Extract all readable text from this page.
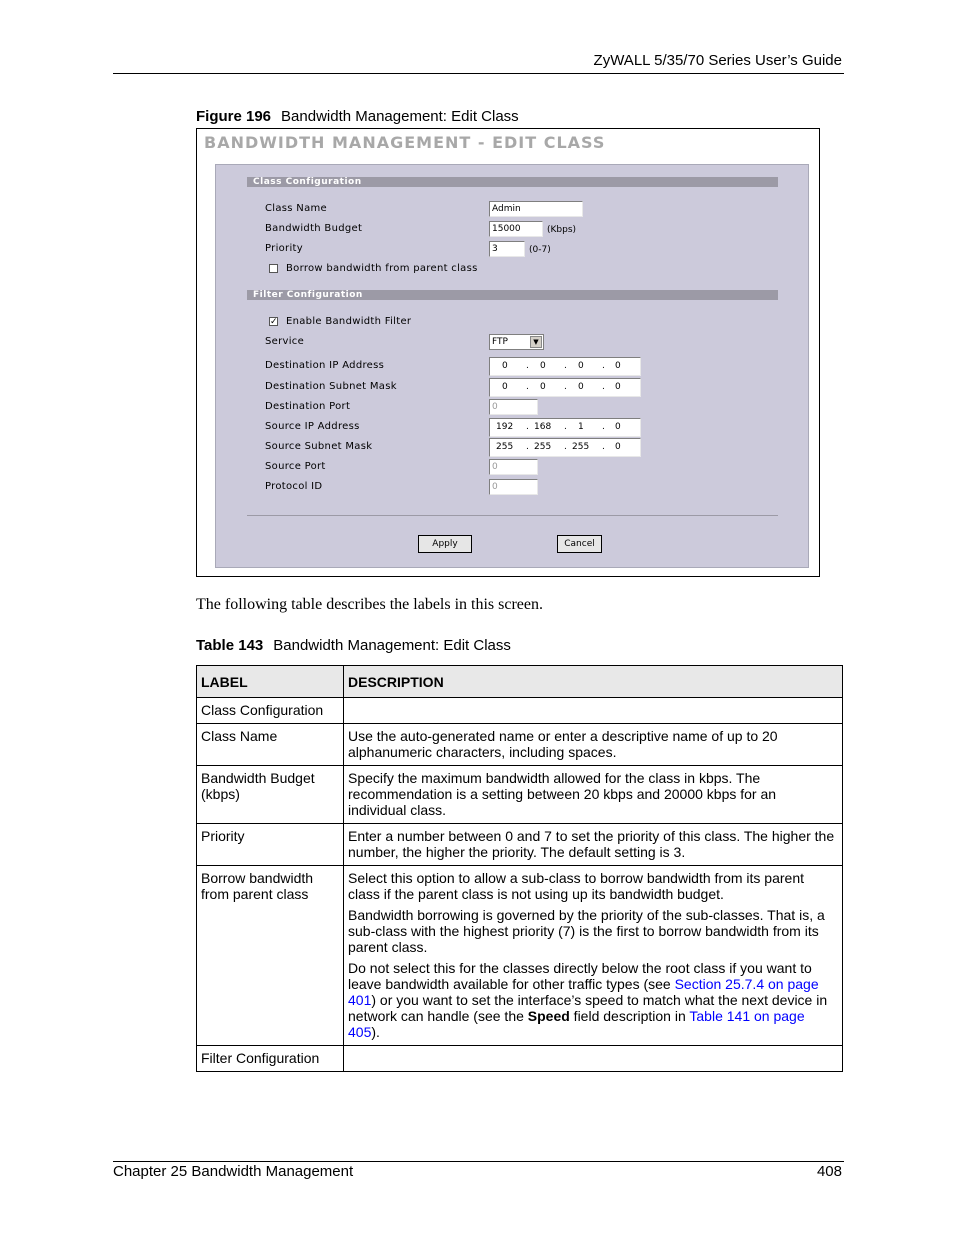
ZyWALL 5/35/70 Series User’s Guide
Figure 196 Bandwidth Management: Edit Class
BANDWIDTH MANAGEMENT - EDIT CLASS
Class Configuration
Class Name	Admin
Bandwidth Budget	15000	(Kbps)
Priority	3	(0-7)
Borrow bandwidth from parent class
Filter Configuration
✓ Enable Bandwidth Filter
Service	FTP	▼
Destination IP Address	0 . 0 . 0 . 0
Destination Subnet Mask	0 . 0 . 0 . 0
Destination Port	0
Source IP Address	192 . 168 . 1 . 0
Source Subnet Mask	255 . 255 . 255 . 0
Source Port	0
Protocol ID	0
Apply	Cancel
The following table describes the labels in this screen.
Table 143 Bandwidth Management: Edit Class
LABEL	DESCRIPTION
Class Configuration	
Class Name	Use the auto-generated name or enter a descriptive name of up to 20 alphanumeric characters, including spaces.
Bandwidth Budget (kbps)	Specify the maximum bandwidth allowed for the class in kbps. The recommendation is a setting between 20 kbps and 20000 kbps for an individual class.
Priority	Enter a number between 0 and 7 to set the priority of this class. The higher the number, the higher the priority. The default setting is 3.
Borrow bandwidth from parent class	Select this option to allow a sub-class to borrow bandwidth from its parent class if the parent class is not using up its bandwidth budget.

Bandwidth borrowing is governed by the priority of the sub-classes. That is, a sub-class with the highest priority (7) is the first to borrow bandwidth from its parent class.

Do not select this for the classes directly below the root class if you want to leave bandwidth available for other traffic types (see Section 25.7.4 on page 401) or you want to set the interface’s speed to match what the next device in network can handle (see the Speed field description in Table 141 on page 405).

Filter Configuration	
Chapter 25 Bandwidth Management	408
